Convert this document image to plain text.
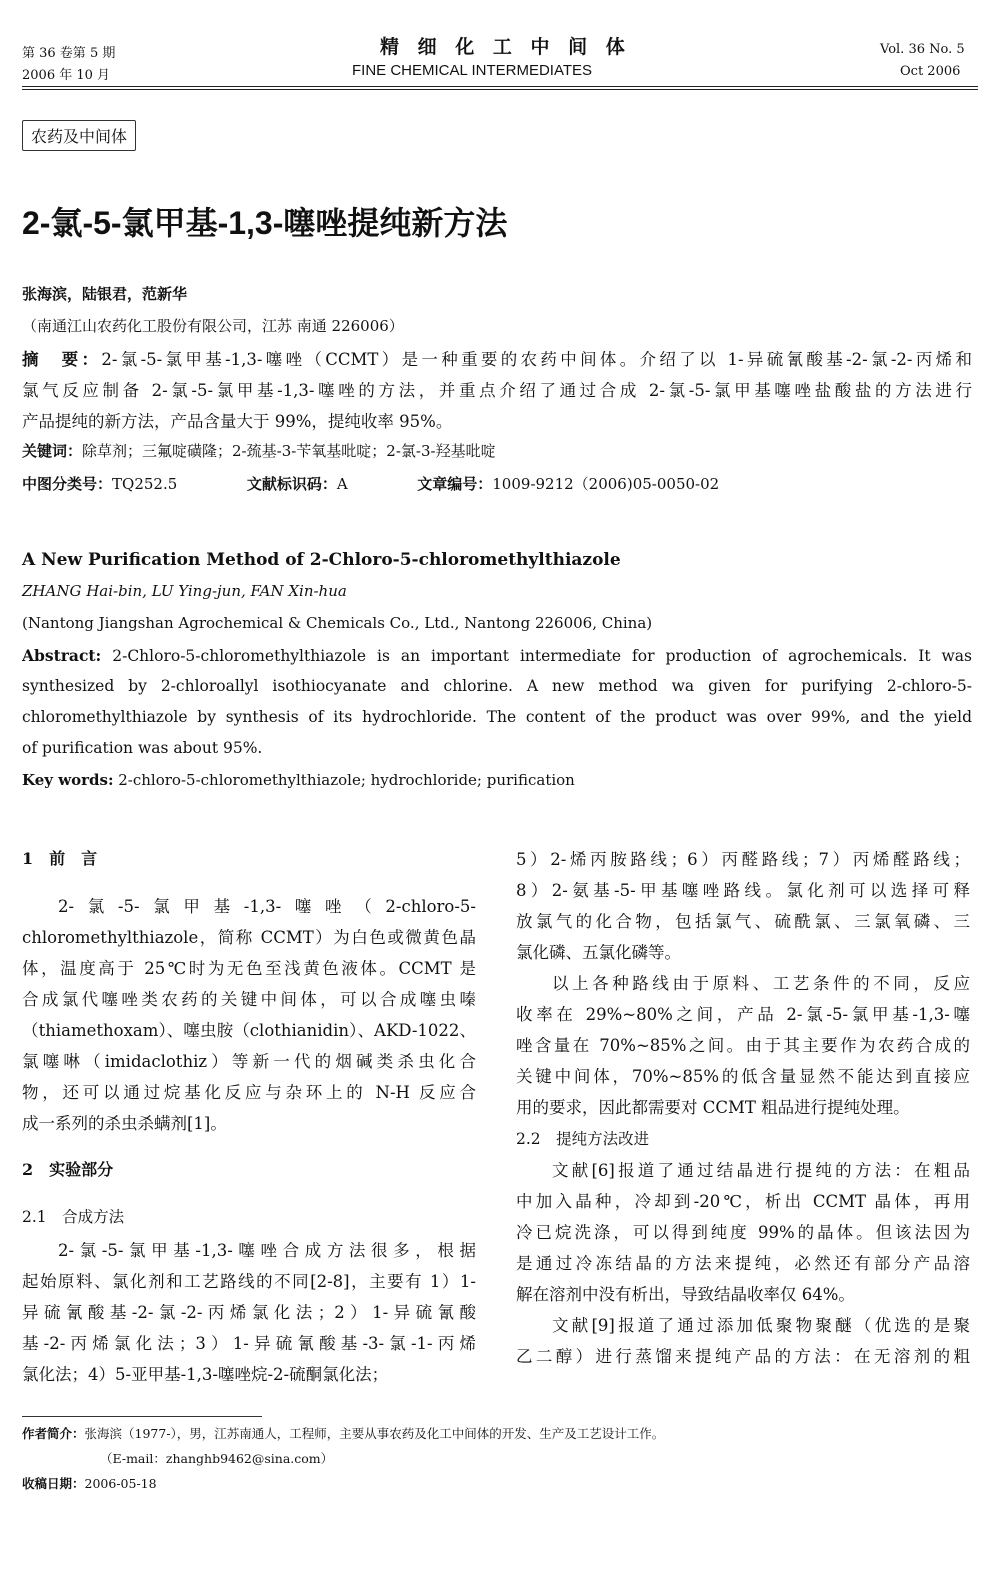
第 36 卷第 5 期
2006 年 10 月
精 细 化 工 中 间 体
FINE CHEMICAL INTERMEDIATES
Vol. 36 No. 5
Oct 2006
农药及中间体
2-氯-5-氯甲基-1,3-噻唑提纯新方法
张海滨，陆银君，范新华
（南通江山农药化工股份有限公司，江苏 南通 226006）
摘　要：2-氯-5-氯甲基-1,3-噻唑（CCMT）是一种重要的农药中间体。介绍了以 1-异硫氰酸基-2-氯-2-丙烯和
氯气反应制备 2-氯-5-氯甲基-1,3-噻唑的方法，并重点介绍了通过合成 2-氯-5-氯甲基噻唑盐酸盐的方法进行
产品提纯的新方法，产品含量大于 99%，提纯收率 95%。
关键词：除草剂；三氟啶磺隆；2-巯基-3-苄氧基吡啶；2-氯-3-羟基吡啶
中图分类号：TQ252.5	文献标识码：A	文章编号：1009-9212（2006)05-0050-02
A New Purification Method of 2-Chloro-5-chloromethylthiazole
ZHANG Hai-bin, LU Ying-jun, FAN Xin-hua
(Nantong Jiangshan Agrochemical & Chemicals Co., Ltd., Nantong 226006, China)
Abstract: 2-Chloro-5-chloromethylthiazole is an important intermediate for production of agrochemicals. It was
synthesized by 2-chloroallyl isothiocyanate and chlorine. A new method wa given for purifying 2-chloro-5-
chloromethylthiazole by synthesis of its hydrochloride. The content of the product was over 99%, and the yield
of purification was about 95%.
Key words: 2-chloro-5-chloromethylthiazole; hydrochloride; purification
1　前　言
2-氯-5-氯甲基-1,3-噻唑（2-chloro-5-
chloromethylthiazole，简称 CCMT）为白色或微黄色晶
体，温度高于 25℃时为无色至浅黄色液体。CCMT 是
合成氯代噻唑类农药的关键中间体，可以合成噻虫嗪
（thiamethoxam）、噻虫胺（clothianidin）、AKD-1022、
氯噻啉（imidaclothiz）等新一代的烟碱类杀虫化合
物，还可以通过烷基化反应与杂环上的 N-H 反应合
成一系列的杀虫杀螨剂[1]。
2　实验部分
2.1　合成方法
2-氯-5-氯甲基-1,3-噻唑合成方法很多，根据
起始原料、氯化剂和工艺路线的不同[2-8]，主要有 1）1-
异硫氰酸基-2-氯-2-丙烯氯化法；2）1-异硫氰酸
基-2-丙烯氯化法；3）1-异硫氰酸基-3-氯-1-丙烯
氯化法；4）5-亚甲基-1,3-噻唑烷-2-硫酮氯化法；
5）2-烯丙胺路线；6）丙醛路线；7）丙烯醛路线；
8）2-氨基-5-甲基噻唑路线。氯化剂可以选择可释
放氯气的化合物，包括氯气、硫酰氯、三氯氧磷、三
氯化磷、五氯化磷等。
以上各种路线由于原料、工艺条件的不同，反应
收率在 29%~80%之间，产品 2-氯-5-氯甲基-1,3-噻
唑含量在 70%~85%之间。由于其主要作为农药合成的
关键中间体，70%~85%的低含量显然不能达到直接应
用的要求，因此都需要对 CCMT 粗品进行提纯处理。
2.2　提纯方法改进
文献[6]报道了通过结晶进行提纯的方法：在粗品
中加入晶种，冷却到-20℃，析出 CCMT 晶体，再用
冷已烷洗涤，可以得到纯度 99%的晶体。但该法因为
是通过冷冻结晶的方法来提纯，必然还有部分产品溶
解在溶剂中没有析出，导致结晶收率仅 64%。
文献[9]报道了通过添加低聚物聚醚（优选的是聚
乙二醇）进行蒸馏来提纯产品的方法：在无溶剂的粗
作者简介：张海滨（1977-），男，江苏南通人，工程师，主要从事农药及化工中间体的开发、生产及工艺设计工作。
（E-mail：zhanghb9462@sina.com）
收稿日期：2006-05-18
